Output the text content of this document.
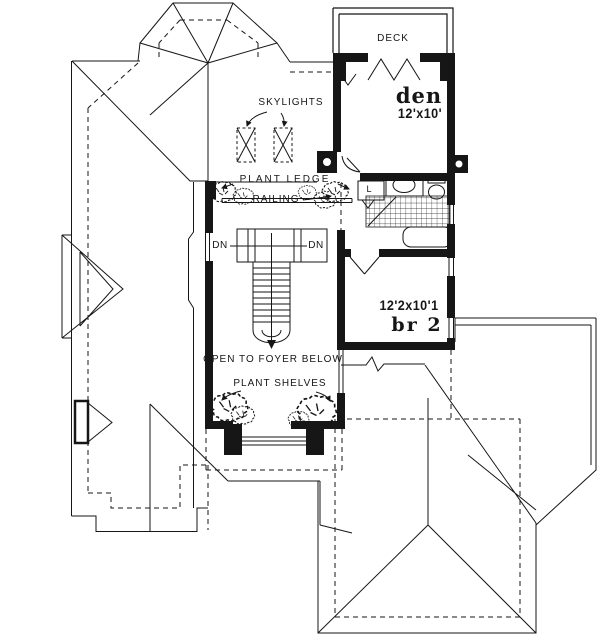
DECK
den
12'x10'
SKYLIGHTS
PLANT LEDGE
RAILING
DN	DN
L
OPEN TO FOYER BELOW
PLANT SHELVES
12'2x10'1
br 2
